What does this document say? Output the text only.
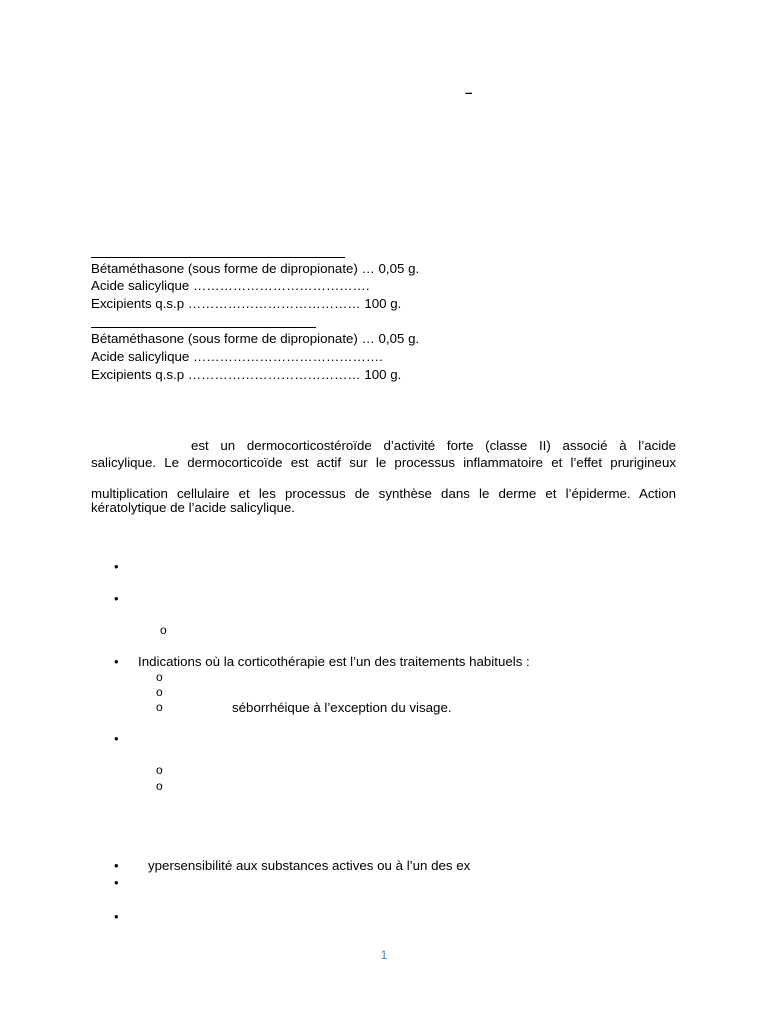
–
Bétaméthasone (sous forme de dipropionate) … 0,05 g.
Acide salicylique ………………………………….
Excipients q.s.p ………………………………… 100 g.
Bétaméthasone (sous forme de dipropionate) … 0,05 g.
Acide salicylique …………………………………….
Excipients q.s.p ………………………………… 100 g.
est un dermocorticostéroïde d’activité forte (classe II) associé à l’acide
salicylique. Le dermocorticoïde est actif sur le processus inflammatoire et l’effet prurigineux
multiplication cellulaire et les processus de synthèse dans le derme et l’épiderme. Action
kératolytique de l’acide salicylique.
•
•
o
• Indications où la corticothérapie est l’un des traitements habituels :
o
o
o	séborrhéique à l’exception du visage.
•
o
o
• ypersensibilité aux substances actives ou à l’un des ex
•
•
1
